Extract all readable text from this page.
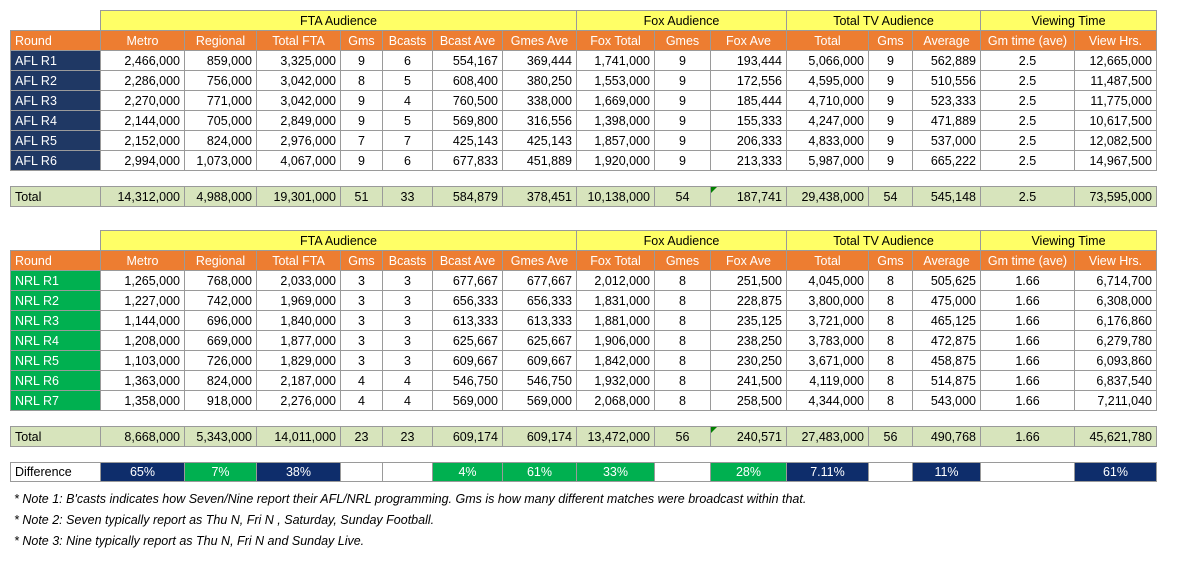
	FTA Audience							Fox Audience			Total TV Audience			Viewing Time	
Round	Metro	Regional	Total FTA	Gms	Bcasts	Bcast Ave	Gmes Ave	Fox Total	Gmes	Fox Ave	Total	Gms	Average	Gm time (ave)	View Hrs.
AFL R1	2,466,000	859,000	3,325,000	9	6	554,167	369,444	1,741,000	9	193,444	5,066,000	9	562,889	2.5	12,665,000
AFL R2	2,286,000	756,000	3,042,000	8	5	608,400	380,250	1,553,000	9	172,556	4,595,000	9	510,556	2.5	11,487,500
AFL R3	2,270,000	771,000	3,042,000	9	4	760,500	338,000	1,669,000	9	185,444	4,710,000	9	523,333	2.5	11,775,000
AFL R4	2,144,000	705,000	2,849,000	9	5	569,800	316,556	1,398,000	9	155,333	4,247,000	9	471,889	2.5	10,617,500
AFL R5	2,152,000	824,000	2,976,000	7	7	425,143	425,143	1,857,000	9	206,333	4,833,000	9	537,000	2.5	12,082,500
AFL R6	2,994,000	1,073,000	4,067,000	9	6	677,833	451,889	1,920,000	9	213,333	5,987,000	9	665,222	2.5	14,967,500

Total	14,312,000	4,988,000	19,301,000	51	33	584,879	378,451	10,138,000	54	187,741	29,438,000	54	545,148	2.5	73,595,000
	FTA Audience							Fox Audience			Total TV Audience			Viewing Time	
Round	Metro	Regional	Total FTA	Gms	Bcasts	Bcast Ave	Gmes Ave	Fox Total	Gmes	Fox Ave	Total	Gms	Average	Gm time (ave)	View Hrs.
NRL R1	1,265,000	768,000	2,033,000	3	3	677,667	677,667	2,012,000	8	251,500	4,045,000	8	505,625	1.66	6,714,700
NRL R2	1,227,000	742,000	1,969,000	3	3	656,333	656,333	1,831,000	8	228,875	3,800,000	8	475,000	1.66	6,308,000
NRL R3	1,144,000	696,000	1,840,000	3	3	613,333	613,333	1,881,000	8	235,125	3,721,000	8	465,125	1.66	6,176,860
NRL R4	1,208,000	669,000	1,877,000	3	3	625,667	625,667	1,906,000	8	238,250	3,783,000	8	472,875	1.66	6,279,780
NRL R5	1,103,000	726,000	1,829,000	3	3	609,667	609,667	1,842,000	8	230,250	3,671,000	8	458,875	1.66	6,093,860
NRL R6	1,363,000	824,000	2,187,000	4	4	546,750	546,750	1,932,000	8	241,500	4,119,000	8	514,875	1.66	6,837,540
NRL R7	1,358,000	918,000	2,276,000	4	4	569,000	569,000	2,068,000	8	258,500	4,344,000	8	543,000	1.66	7,211,040

Total	8,668,000	5,343,000	14,011,000	23	23	609,174	609,174	13,472,000	56	240,571	27,483,000	56	490,768	1.66	45,621,780

Difference	65%	7%	38%			4%	61%	33%		28%	7.11%		11%		61%
* Note 1: B'casts indicates how Seven/Nine report their AFL/NRL programming. Gms is how many different matches were broadcast within that.
* Note 2: Seven typically report as Thu N, Fri N , Saturday, Sunday Football.
* Note 3: Nine typically report as Thu N, Fri N and Sunday Live.
